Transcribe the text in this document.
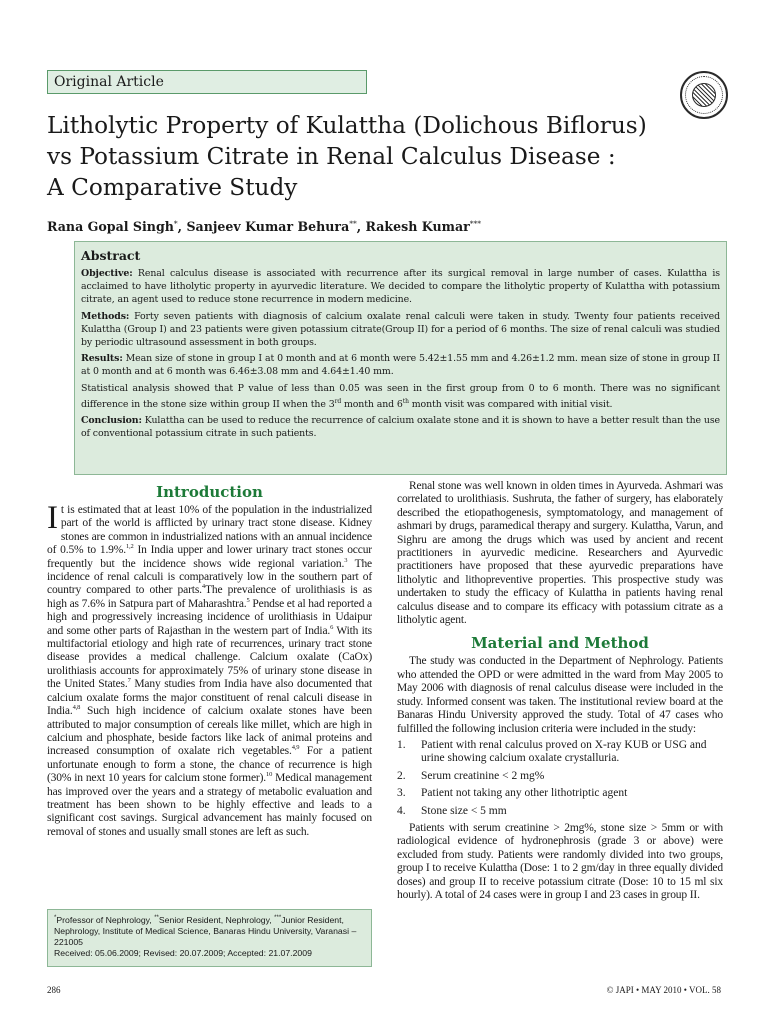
Original Article
Litholytic Property of Kulattha (Dolichous Biflorus)
vs Potassium Citrate in Renal Calculus Disease :
A Comparative Study
Rana Gopal Singh*, Sanjeev Kumar Behura**, Rakesh Kumar***
Abstract

Objective: Renal calculus disease is associated with recurrence after its surgical removal in large number of cases. Kulattha is acclaimed to have litholytic property in ayurvedic literature. We decided to compare the litholytic property of Kulattha with potassium citrate, an agent used to reduce stone recurrence in modern medicine.

Methods: Forty seven patients with diagnosis of calcium oxalate renal calculi were taken in study. Twenty four patients received Kulattha (Group I) and 23 patients were given potassium citrate(Group II) for a period of 6 months. The size of renal calculi was studied by periodic ultrasound assessment in both groups.

Results: Mean size of stone in group I at 0 month and at 6 month were 5.42±1.55 mm and 4.26±1.2 mm. mean size of stone in group II at 0 month and at 6 month was 6.46±3.08 mm and 4.64±1.40 mm.

Statistical analysis showed that P value of less than 0.05 was seen in the first group from 0 to 6 month. There was no significant difference in the stone size within group II when the 3rd month and 6th month visit was compared with initial visit.

Conclusion: Kulattha can be used to reduce the recurrence of calcium oxalate stone and it is shown to have a better result than the use of conventional potassium citrate in such patients.

Introduction

It is estimated that at least 10% of the population in the industrialized part of the world is afflicted by urinary tract stone disease. Kidney stones are common in industrialized nations with an annual incidence of 0.5% to 1.9%.$^{1,2}$ In India upper and lower urinary tract stones occur frequently but the incidence shows wide regional variation.$^3$ The incidence of renal calculi is comparatively low in the southern part of country compared to other parts.$^4$The prevalence of urolithiasis is as high as 7.6% in Satpura part of Maharashtra.$^5$ Pendse et al had reported a high and progressively increasing incidence of urolithiasis in Udaipur and some other parts of Rajasthan in the western part of India.$^6$ With its multifactorial etiology and high rate of recurrences, urinary tract stone disease provides a medical challenge. Calcium oxalate (CaOx) urolithiasis accounts for approximately 75% of urinary stone disease in the United States.$^7$ Many studies from India have also documented that calcium oxalate forms the major constituent of renal calculi disease in India.$^{4,8}$ Such high incidence of calcium oxalate stones have been attributed to major consumption of cereals like millet, which are high in calcium and phosphate, beside factors like lack of animal proteins and increased consumption of oxalate rich vegetables.$^{4,9}$ For a patient unfortunate enough to form a stone, the chance of recurrence is high (30% in next 10 years for calcium stone former).$^{10}$ Medical management has improved over the years and a strategy of metabolic evaluation and treatment has been shown to be highly effective and leads to a significant cost savings. Surgical advancement has mainly focused on removal of stones and usually small stones are left as such.

Renal stone was well known in olden times in Ayurveda. Ashmari was correlated to urolithiasis. Sushruta, the father of surgery, has elaborately described the etiopathogenesis, symptomatology, and management of ashmari by drugs, paramedical therapy and surgery. Kulattha, Varun, and Sighru are among the drugs which was used by ancient and recent practitioners in ayurvedic medicine. Researchers and Ayurvedic practitioners have proposed that these ayurvedic preparations have litholytic and lithopreventive properties. This prospective study was undertaken to study the efficacy of Kulattha in patients having renal calculus disease and to compare its efficacy with potassium citrate as a litholytic agent.

Material and Method

The study was conducted in the Department of Nephrology. Patients who attended the OPD or were admitted in the ward from May 2005 to May 2006 with diagnosis of renal calculus disease were included in the study. Informed consent was taken. The institutional review board at the Banaras Hindu University approved the study. Total of 47 cases who fulfilled the following inclusion criteria were included in the study:

1.	Patient with renal calculus proved on X-ray KUB or USG and urine showing calcium oxalate crystalluria.
2.	Serum creatinine < 2 mg%
3.	Patient not taking any other lithotriptic agent
4.	Stone size < 5 mm

Patients with serum creatinine > 2mg%, stone size > 5mm or with radiological evidence of hydronephrosis (grade 3 or above) were excluded from study. Patients were randomly divided into two groups, group I to receive Kulattha (Dose: 1 to 2 gm/day in three equally divided doses) and group II to receive potassium citrate (Dose: 10 to 15 ml six hourly). A total of 24 cases were in group I and 23 cases in group II.

*Professor of Nephrology, **Senior Resident, Nephrology, ***Junior Resident, Nephrology, Institute of Medical Science, Banaras Hindu University, Varanasi – 221005
Received: 05.06.2009; Revised: 20.07.2009; Accepted: 21.07.2009
286	© JAPI • MAY 2010 • VOL. 58
